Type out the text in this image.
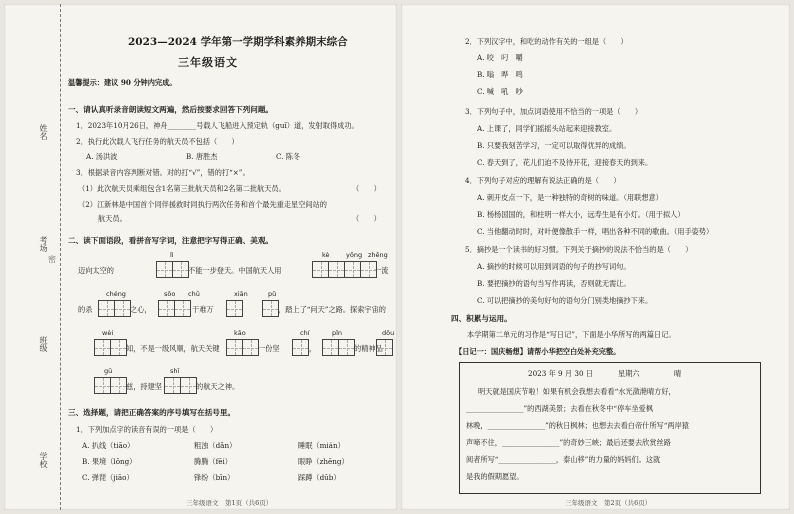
姓名
考场
班级
学校
密
2023—2024 学年第一学期学科素养期末综合
三年级语文
温馨提示：建议 90 分钟内完成。
一、请认真听录音朗读短文两遍，然后按要求回答下列问题。
1．2023年10月26日，神舟________号载人飞船进入预定轨（guǐ）道，发射取得成功。
2．执行此次载人飞行任务的航天员不包括（　　）
A. 汤洪波	B. 唐胜杰	C. 陈冬
3．根据录音内容判断对错。对的打“√”，错的打“×”。
（1）此次航天员乘组包含1名第三批航天员和2名第二批航天员。	（　　）
（2）江新林是中国首个同伴援救时同执行两次任务和首个最先重走星空间站的
航天员。	（　　）
二、读下面语段，看拼音写字词，注意把字写得正确、美观。
lì	kè	yōng zhēng
迈向太空的	不能一步登天。中国航天人用	一流
chéng	sōo chū	xiān	pǔ
的杀	之心，	干难万	，踏上了“问天”之路。探索宇宙的
wèi	kāo	chí	pǐn	dōu
知，不是一级风顺，航天关键	一份坚	，	的精神品
gū	shī
兹，持建坚	的航天之神。
三、选择题，请把正确答案的序号填写在括号里。
1．下列加点字的读音有误的一项是（　　）
A. 扒线（tiāo）	粗浊（dǎn）	睡眠（mián）
B. 果境（lǒng）	腾腾（fēi）	眼睁（zhēng）
C. 弹琵（jiāo）	锋纷（bīn）	踩蹲（dūb）
三年级语文　第1页（共6页）
2．下列汉字中，和吃的动作有关的一组是（　　）
A. 咬　叼　嚼
B. 嗡　哗　鸣
C. 喊　吼　吵
3．下列句子中，加点词语使用不恰当的一项是（　　）
A. 上课了，同学们摇摇头站起来迎接教室。
B. 只要我刻苦学习，一定可以取得优异的成绩。
C. 春天到了，花儿们迫不及待开花，迎接春天的到来。
4．下列句子对应的理解有说法正确的是（　　）
A. 刺开皮点一下，是一种独特的奇树的味道。（用联想意）
B. 杨杨国国的，和柱明一样大小，远寿生是有小灯。（用于拟人）
C. 当他翻动时时，对叶便像散手一样，唱出各种不同的歌曲。（用手姿势）
5．摘抄是一个读书的好习惯。下列关于摘抄的说法不恰当的是（　　）
A. 摘抄的时候可以用到词语的句子的抄写词句。
B. 要把摘抄的语句当写作再读，否则就无需让。
C. 可以把摘抄的美句好句的语句分门别类地摘抄下来。
四、积累与运用。
本学期第二单元的习作是“写日记”，下面是小华所写的两篇日记。
【日记一：国庆畅想】请帮小华把空白处补充完整。
2023 年 9 月 30 日	星期六	晴
明天就是国庆节啦！如果有机会我想去看看“水光潋滟晴方好，
________________”的西湖美景；去看在秋冬中“停车坐爱枫
林晚，________________”的秋日枫林；也想去去看白帝什所写“两岸猿
声啼不住，________________”的奇妙三峡；最后还要去欣赏丝路
阅者所写“________________，泰山移”的力量的妈妈们。这就
是我的假期愿望。
三年级语文　第2页（共6页）
